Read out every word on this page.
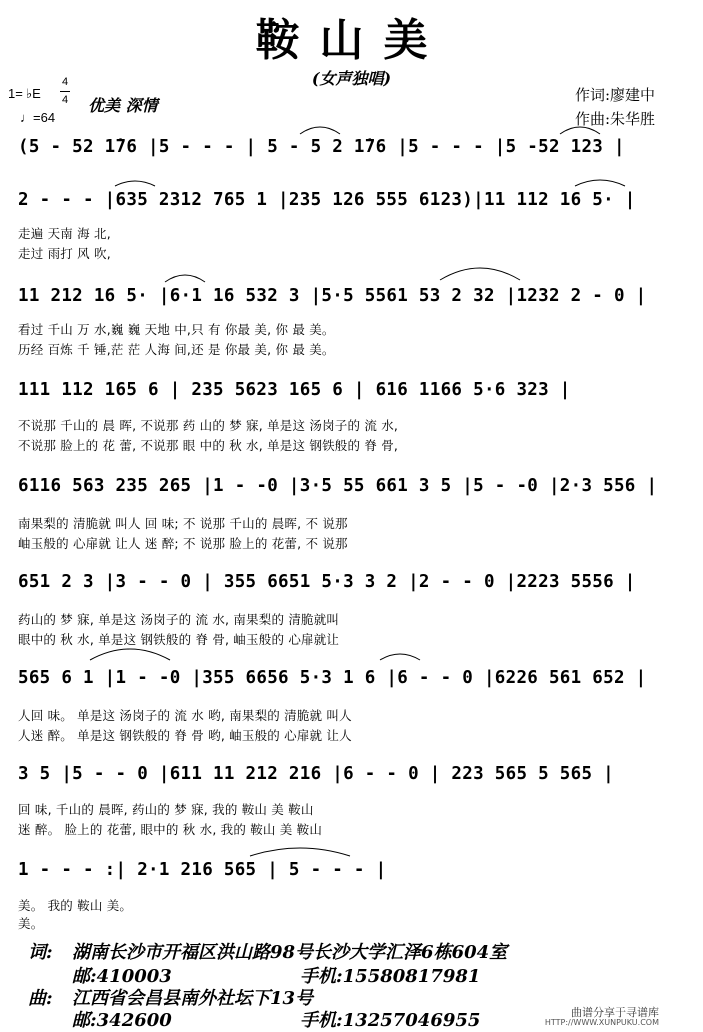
鞍山美
(女声独唱)
1= ♭E
4
4
♩=64
优美 深情
作词:廖建中
作曲:朱华胜
(5 - 52 1̇76 |5 - - - | 5 - 5 2 1̇76 |5 - - - |5 -52 123 |
2 - - - |635 2312 765 1 |235 126 555 6123)|11 112 16 5· |
走遍 天南 海 北,
走过 雨打 风 吹,
11 212 16 5· |6·1 16 532 3 |5·5 5561 53 2 32 |1232 2 - 0 |
看过 千山 万 水,巍 巍 天地 中,只 有 你最 美, 你 最 美。
历经 百炼 千 锤,茫 茫 人海 间,还 是 你最 美, 你 最 美。
111 112 165 6 | 235 5623 165 6 | 616 1166 5·6 323 |
不说那 千山的 晨 晖, 不说那 药 山的 梦 寐, 单是这 汤岗子的 流 水,
不说那 脸上的 花 蕾, 不说那 眼 中的 秋 水, 单是这 钢铁般的 脊 骨,
6116 563 235 265 |1 - -0 |3·5 55 661 3 5 |5 - -0 |2·3 556 |
南果梨的 清脆就 叫人 回 味; 不 说那 千山的 晨晖, 不 说那
岫玉般的 心扉就 让人 迷 醉; 不 说那 脸上的 花蕾, 不 说那
651 2 3 |3 - - 0 | 355 6651 5·3 3 2 |2 - - 0 |2223 5556 |
药山的 梦 寐, 单是这 汤岗子的 流 水, 南果梨的 清脆就叫
眼中的 秋 水, 单是这 钢铁般的 脊 骨, 岫玉般的 心扉就让
565 6 1 |1 - -0 |355 6656 5·3 1 6 |6 - - 0 |6226 561 652 |
人回 味。 单是这 汤岗子的 流 水 哟, 南果梨的 清脆就 叫人
人迷 醉。 单是这 钢铁般的 脊 骨 哟, 岫玉般的 心扉就 让人
3 5 |5 - - 0 |611 11 212 216 |6 - - 0 | 223 565 5 565 |
回 味, 千山的 晨晖, 药山的 梦 寐, 我的 鞍山 美 鞍山
迷 醉。 脸上的 花蕾, 眼中的 秋 水, 我的 鞍山 美 鞍山
1 - - - :| 2·1 216 565 | 5 - - - |
美。 我的 鞍山 美。
美。
词: 湖南长沙市开福区洪山路98号长沙大学汇泽6栋604室
邮:410003	手机:15580817981
曲: 江西省会昌县南外社坛下13号
邮:342600	手机:13257046955	曲谱分享于寻谱库
HTTP://WWW.XUNPUKU.COM
